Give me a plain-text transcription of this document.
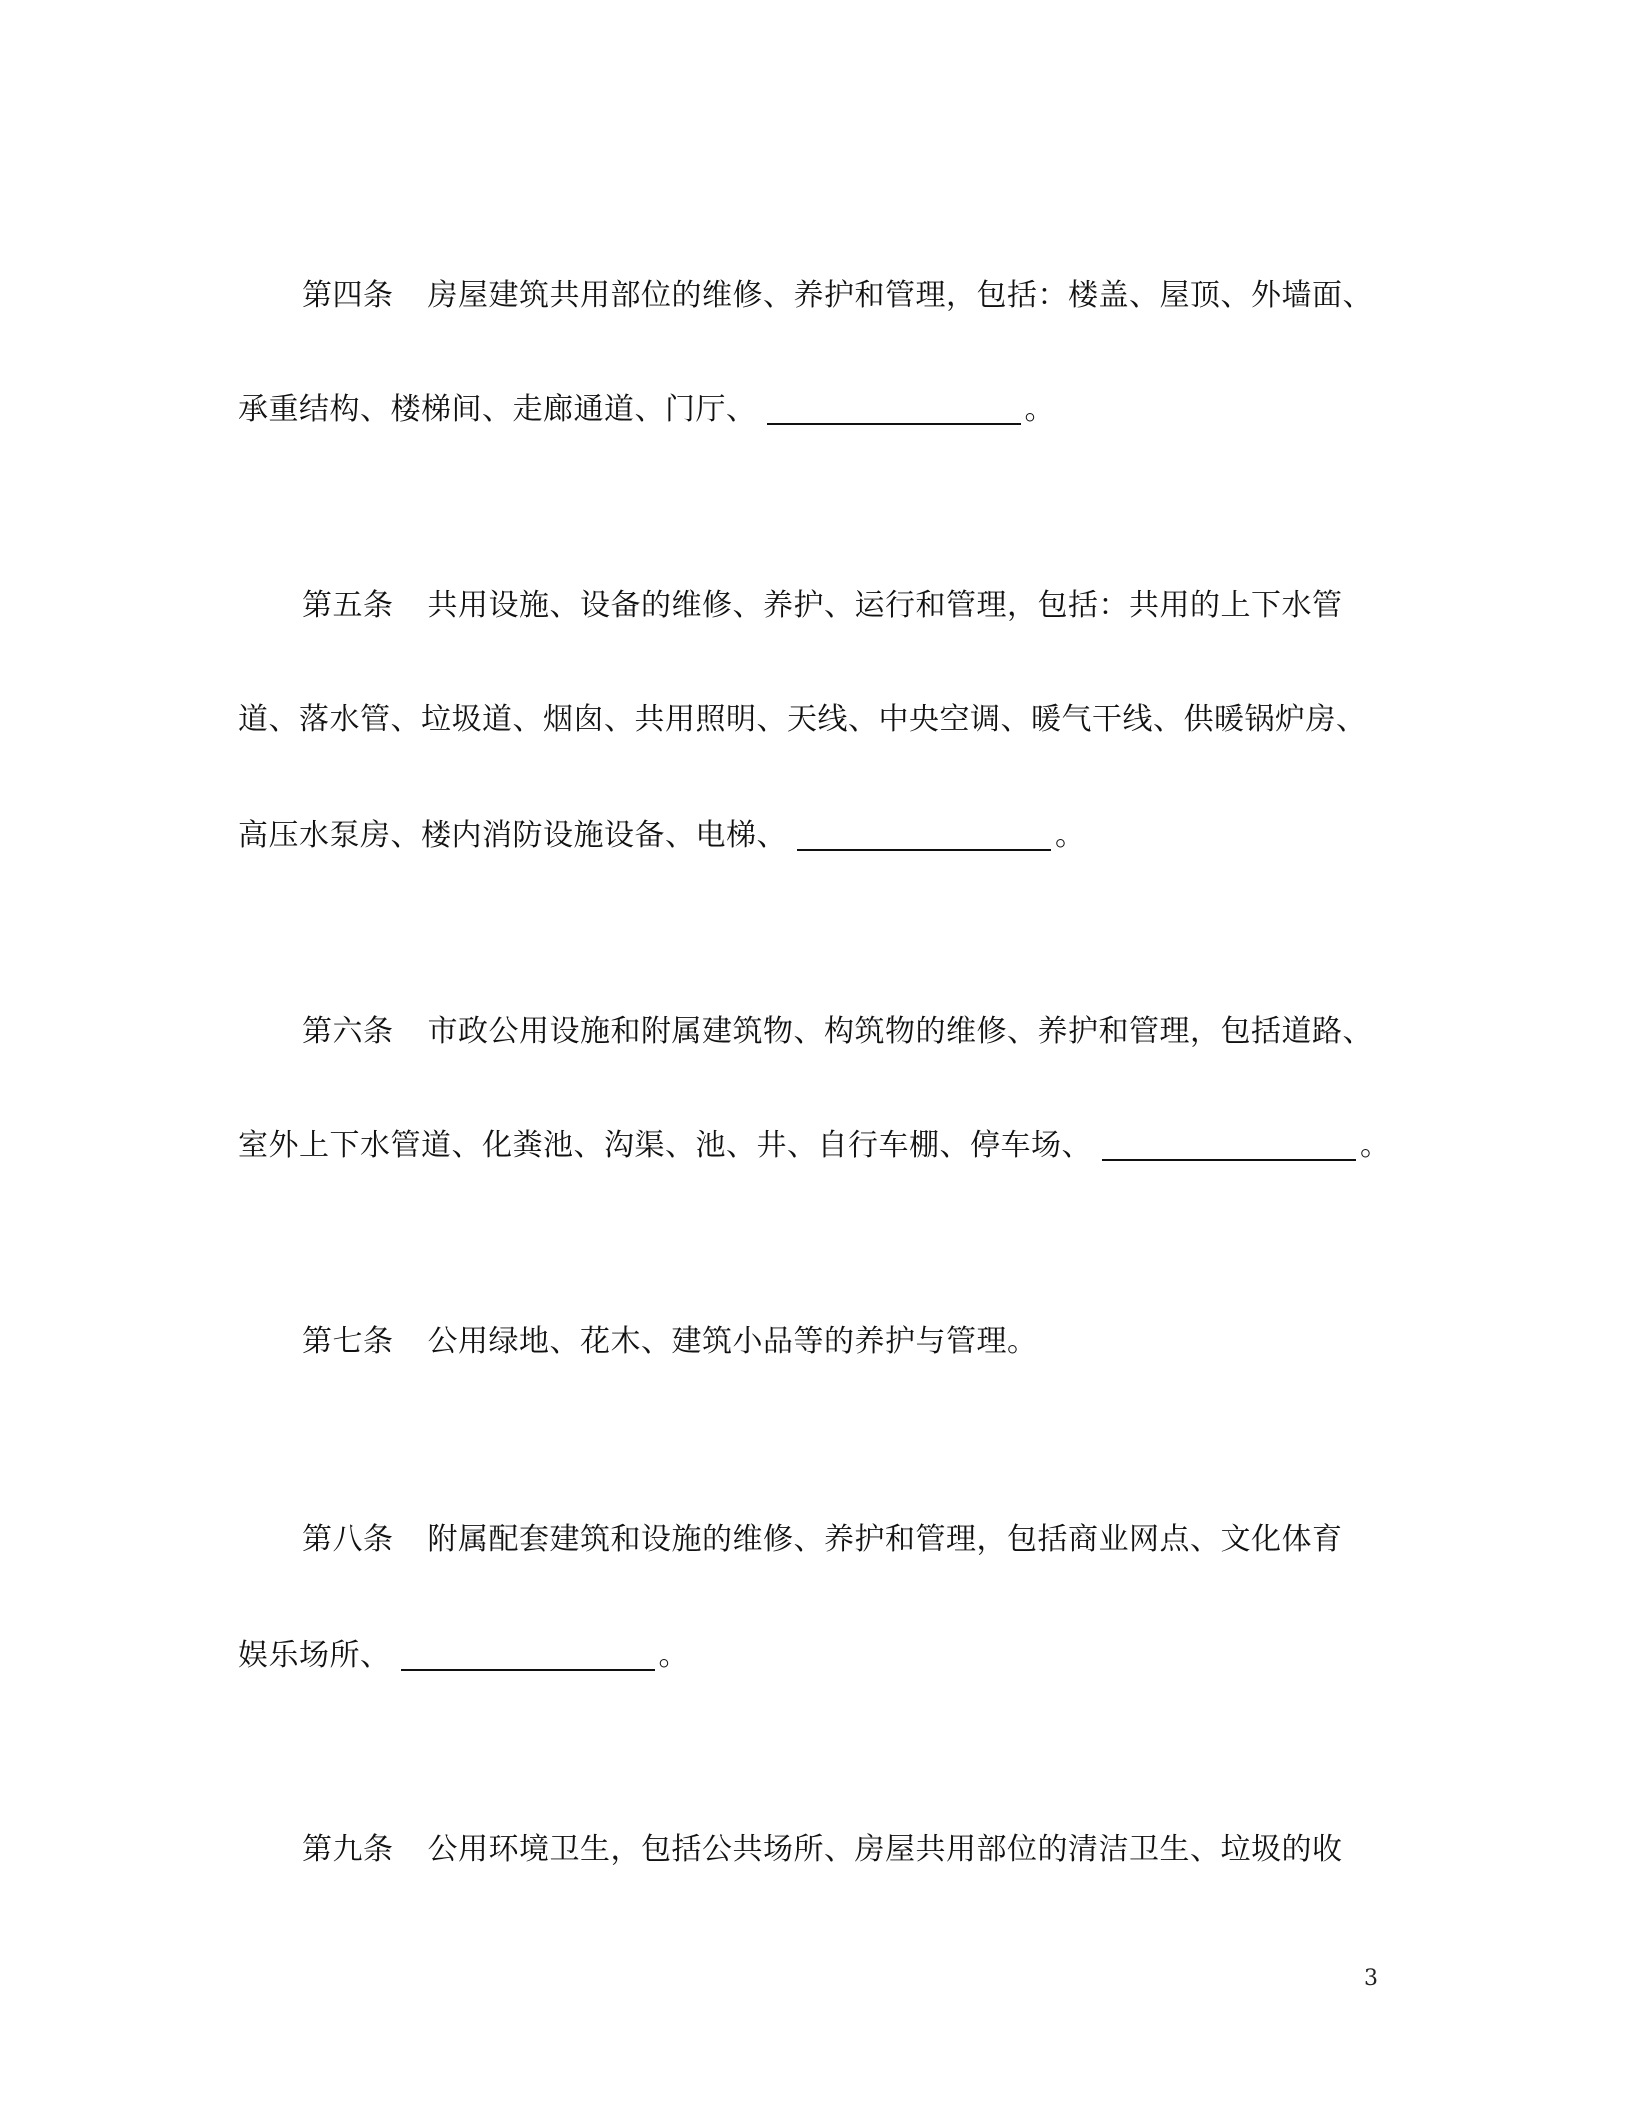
第四条 房屋建筑共用部位的维修、养护和管理，包括：楼盖、屋顶、外墙面、
承重结构、楼梯间、走廊通道、门厅、	。
第五条 共用设施、设备的维修、养护、运行和管理，包括：共用的上下水管
道、落水管、垃圾道、烟囱、共用照明、天线、中央空调、暖气干线、供暖锅炉房、
高压水泵房、楼内消防设施设备、电梯、	。
第六条 市政公用设施和附属建筑物、构筑物的维修、养护和管理，包括道路、
室外上下水管道、化粪池、沟渠、池、井、自行车棚、停车场、	。
第七条 公用绿地、花木、建筑小品等的养护与管理。
第八条 附属配套建筑和设施的维修、养护和管理，包括商业网点、文化体育
娱乐场所、	。
第九条 公用环境卫生，包括公共场所、房屋共用部位的清洁卫生、垃圾的收
3
